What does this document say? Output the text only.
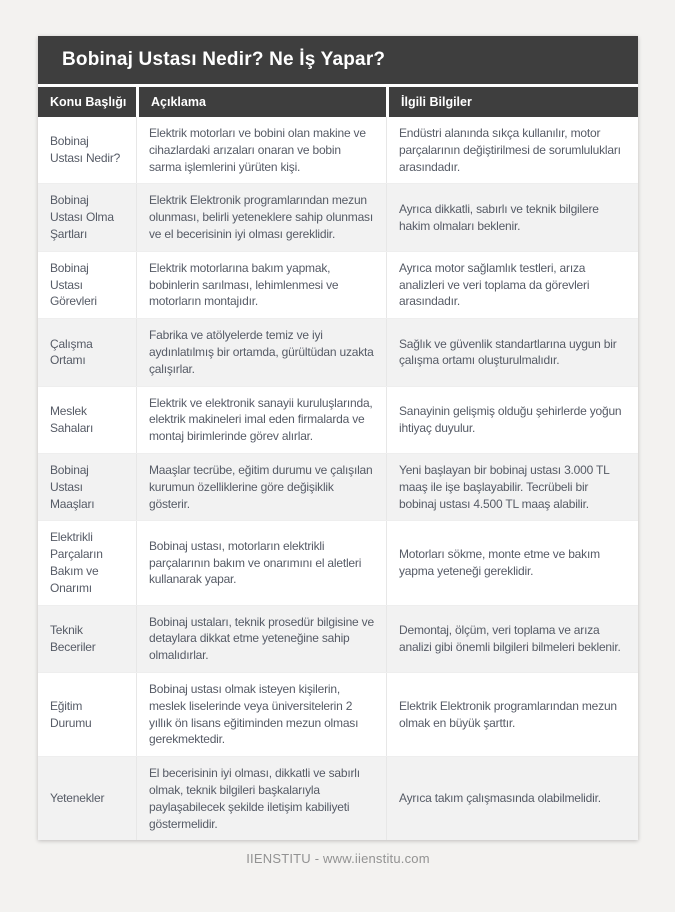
Bobinaj Ustası Nedir? Ne İş Yapar?
Konu Başlığı	Açıklama	İlgili Bilgiler
Bobinaj Ustası Nedir?
Elektrik motorları ve bobini olan makine ve cihazlardaki arızaları onaran ve bobin sarma işlemlerini yürüten kişi.
Endüstri alanında sıkça kullanılır, motor parçalarının değiştirilmesi de sorumlulukları arasındadır.
Bobinaj Ustası Olma Şartları
Elektrik Elektronik programlarından mezun olunması, belirli yeteneklere sahip olunması ve el becerisinin iyi olması gereklidir.
Ayrıca dikkatli, sabırlı ve teknik bilgilere hakim olmaları beklenir.
Bobinaj Ustası Görevleri
Elektrik motorlarına bakım yapmak, bobinlerin sarılması, lehimlenmesi ve motorların montajıdır.
Ayrıca motor sağlamlık testleri, arıza analizleri ve veri toplama da görevleri arasındadır.
Çalışma Ortamı
Fabrika ve atölyelerde temiz ve iyi aydınlatılmış bir ortamda, gürültüdan uzakta çalışırlar.
Sağlık ve güvenlik standartlarına uygun bir çalışma ortamı oluşturulmalıdır.
Meslek Sahaları
Elektrik ve elektronik sanayii kuruluşlarında, elektrik makineleri imal eden firmalarda ve montaj birimlerinde görev alırlar.
Sanayinin gelişmiş olduğu şehirlerde yoğun ihtiyaç duyulur.
Bobinaj Ustası Maaşları
Maaşlar tecrübe, eğitim durumu ve çalışılan kurumun özelliklerine göre değişiklik gösterir.
Yeni başlayan bir bobinaj ustası 3.000 TL maaş ile işe başlayabilir. Tecrübeli bir bobinaj ustası 4.500 TL maaş alabilir.
Elektrikli Parçaların Bakım ve Onarımı
Bobinaj ustası, motorların elektrikli parçalarının bakım ve onarımını el aletleri kullanarak yapar.
Motorları sökme, monte etme ve bakım yapma yeteneği gereklidir.
Teknik Beceriler
Bobinaj ustaları, teknik prosedür bilgisine ve detaylara dikkat etme yeteneğine sahip olmalıdırlar.
Demontaj, ölçüm, veri toplama ve arıza analizi gibi önemli bilgileri bilmeleri beklenir.
Eğitim Durumu
Bobinaj ustası olmak isteyen kişilerin, meslek liselerinde veya üniversitelerin 2 yıllık ön lisans eğitiminden mezun olması gerekmektedir.
Elektrik Elektronik programlarından mezun olmak en büyük şarttır.
Yetenekler
El becerisinin iyi olması, dikkatli ve sabırlı olmak, teknik bilgileri başkalarıyla paylaşabilecek şekilde iletişim kabiliyeti göstermelidir.
Ayrıca takım çalışmasında olabilmelidir.
IIENSTITU - www.iienstitu.com
